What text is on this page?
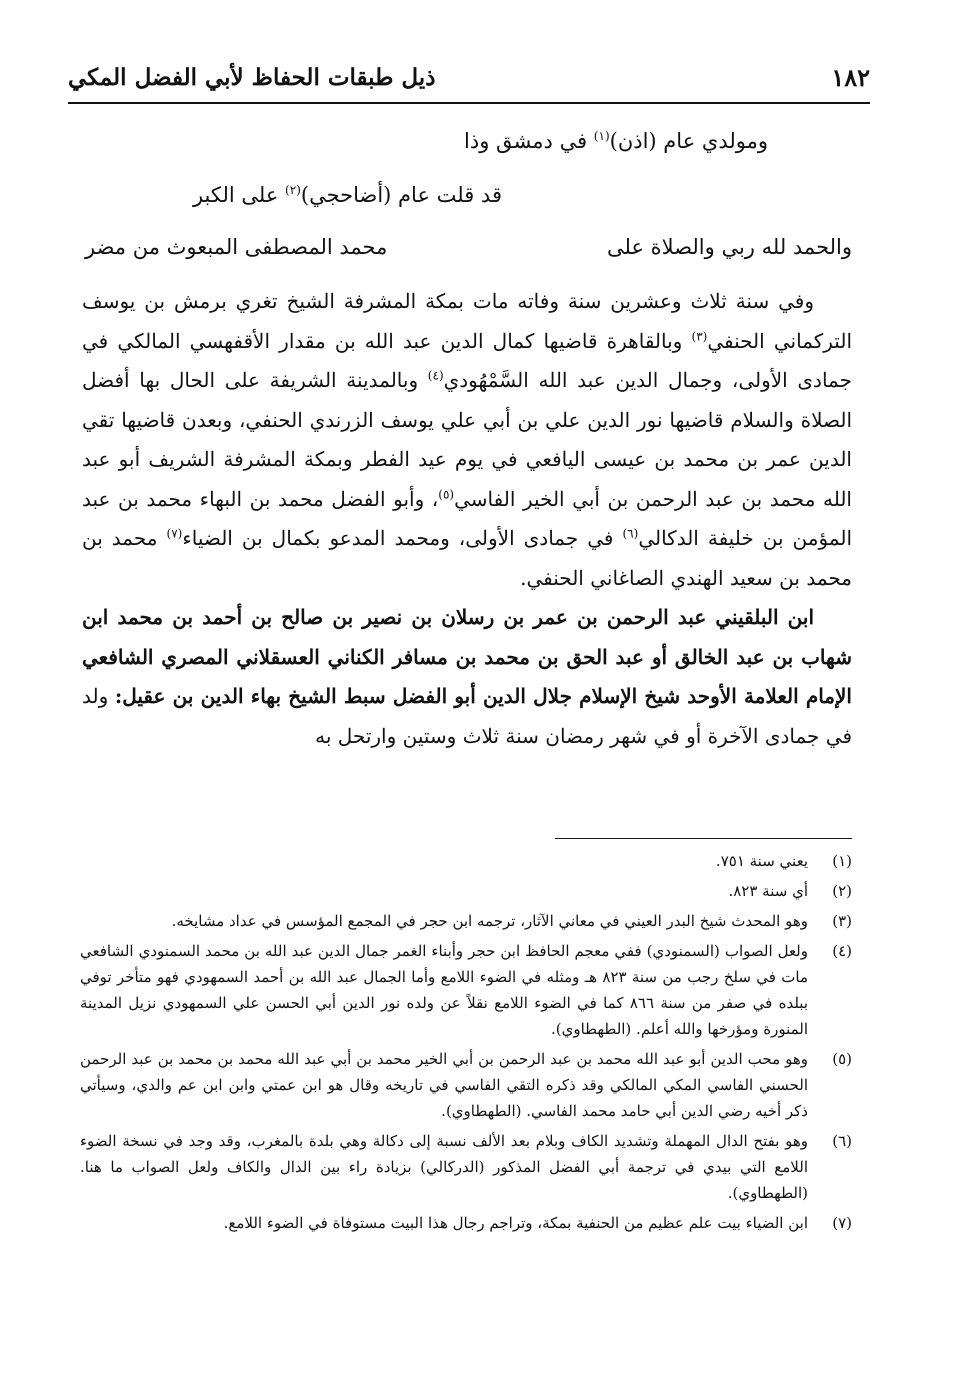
١٨٢
ذيل طبقات الحفاظ لأبي الفضل المكي
ومولدي عام (اذن)$^{(١)}$ في دمشق وذا
قد قلت عام (أضاحجي)$^{(٢)}$ على الكبر
والحمد لله ربي والصلاة على
محمد المصطفى المبعوث من مضر

وفي سنة ثلاث وعشرين سنة وفاته مات بمكة المشرفة الشيخ تغري برمش بن يوسف التركماني الحنفي$^{(٣)}$ وبالقاهرة قاضيها كمال الدين عبد الله بن مقدار الأقفهسي المالكي في جمادى الأولى، وجمال الدين عبد الله السَّمْهُودي$^{(٤)}$ وبالمدينة الشريفة على الحال بها أفضل الصلاة والسلام قاضيها نور الدين علي بن أبي علي يوسف الزرندي الحنفي، وبعدن قاضيها تقي الدين عمر بن محمد بن عيسى اليافعي في يوم عيد الفطر وبمكة المشرفة الشريف أبو عبد الله محمد بن عبد الرحمن بن أبي الخير الفاسي$^{(٥)}$، وأبو الفضل محمد بن البهاء محمد بن عبد المؤمن بن خليفة الدكالي$^{(٦)}$ في جمادى الأولى، ومحمد المدعو بكمال بن الضياء$^{(٧)}$ محمد بن محمد بن سعيد الهندي الصاغاني الحنفي.

ابن البلقيني عبد الرحمن بن عمر بن رسلان بن نصير بن صالح بن أحمد بن محمد ابن شهاب بن عبد الخالق أو عبد الحق بن محمد بن مسافر الكناني العسقلاني المصري الشافعي الإمام العلامة الأوحد شيخ الإسلام جلال الدين أبو الفضل سبط الشيخ بهاء الدين بن عقيل: ولد في جمادى الآخرة أو في شهر رمضان سنة ثلاث وستين وارتحل به

(١)
يعني سنة ٧٥١.
(٢)
أي سنة ٨٢٣.
(٣)
وهو المحدث شيخ البدر العيني في معاني الآثار، ترجمه ابن حجر في المجمع المؤسس في عداد مشايخه.
(٤)
ولعل الصواب (السمنودي) ففي معجم الحافظ ابن حجر وأبناء الغمر جمال الدين عبد الله بن محمد السمنودي الشافعي مات في سلخ رجب من سنة ٨٢٣ هـ ومثله في الضوء اللامع وأما الجمال عبد الله بن أحمد السمهودي فهو متأخر توفي ببلده في صفر من سنة ٨٦٦ كما في الضوء اللامع نقلاً عن ولده نور الدين أبي الحسن علي السمهودي نزيل المدينة المنورة ومؤرخها والله أعلم. (الطهطاوي).
(٥)
وهو محب الدين أبو عبد الله محمد بن عبد الرحمن بن أبي الخير محمد بن أبي عبد الله محمد بن محمد بن عبد الرحمن الحسني الفاسي المكي المالكي وقد ذكره التقي الفاسي في تاريخه وقال هو ابن عمتي وابن ابن عم والدي، وسيأتي ذكر أخيه رضي الدين أبي حامد محمد الفاسي. (الطهطاوي).
(٦)
وهو بفتح الدال المهملة وتشديد الكاف وبلام بعد الألف نسبة إلى دكالة وهي بلدة بالمغرب، وقد وجد في نسخة الضوء اللامع التي بيدي في ترجمة أبي الفضل المذكور (الدركالي) بزيادة راء بين الدال والكاف ولعل الصواب ما هنا. (الطهطاوي).
(٧)
ابن الضياء بيت علم عظيم من الحنفية بمكة، وتراجم رجال هذا البيت مستوفاة في الضوء اللامع.
